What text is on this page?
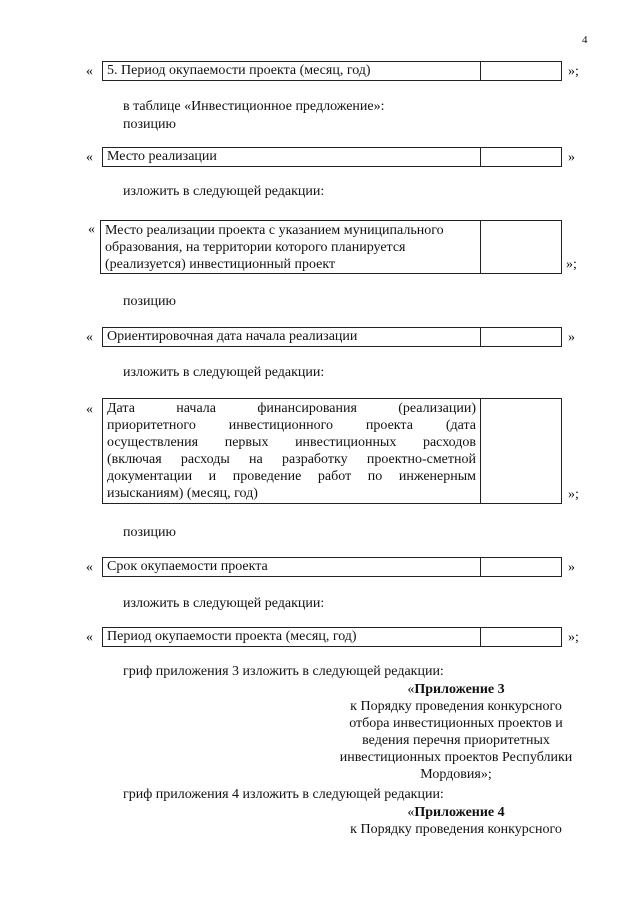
4
« 5. Период окупаемости проекта (месяц, год)	»;
в таблице «Инвестиционное предложение»:
позицию
« Место реализации	»
изложить в следующей редакции:
« Место реализации проекта с указанием муниципального
образования, на территории которого планируется
(реализуется) инвестиционный проект	»;
позицию
« Ориентировочная дата начала реализации	»
изложить в следующей редакции:
« Дата начала финансирования (реализации)
приоритетного инвестиционного проекта (дата
осуществления первых инвестиционных расходов
(включая расходы на разработку проектно-сметной
документации и проведение работ по инженерным
изысканиям) (месяц, год)	»;
позицию
« Срок окупаемости проекта	»
изложить в следующей редакции:
« Период окупаемости проекта (месяц, год)	»;
гриф приложения 3 изложить в следующей редакции:
«Приложение 3
к Порядку проведения конкурсного
отбора инвестиционных проектов и
ведения перечня приоритетных
инвестиционных проектов Республики
Мордовия»;
гриф приложения 4 изложить в следующей редакции:
«Приложение 4
к Порядку проведения конкурсного
